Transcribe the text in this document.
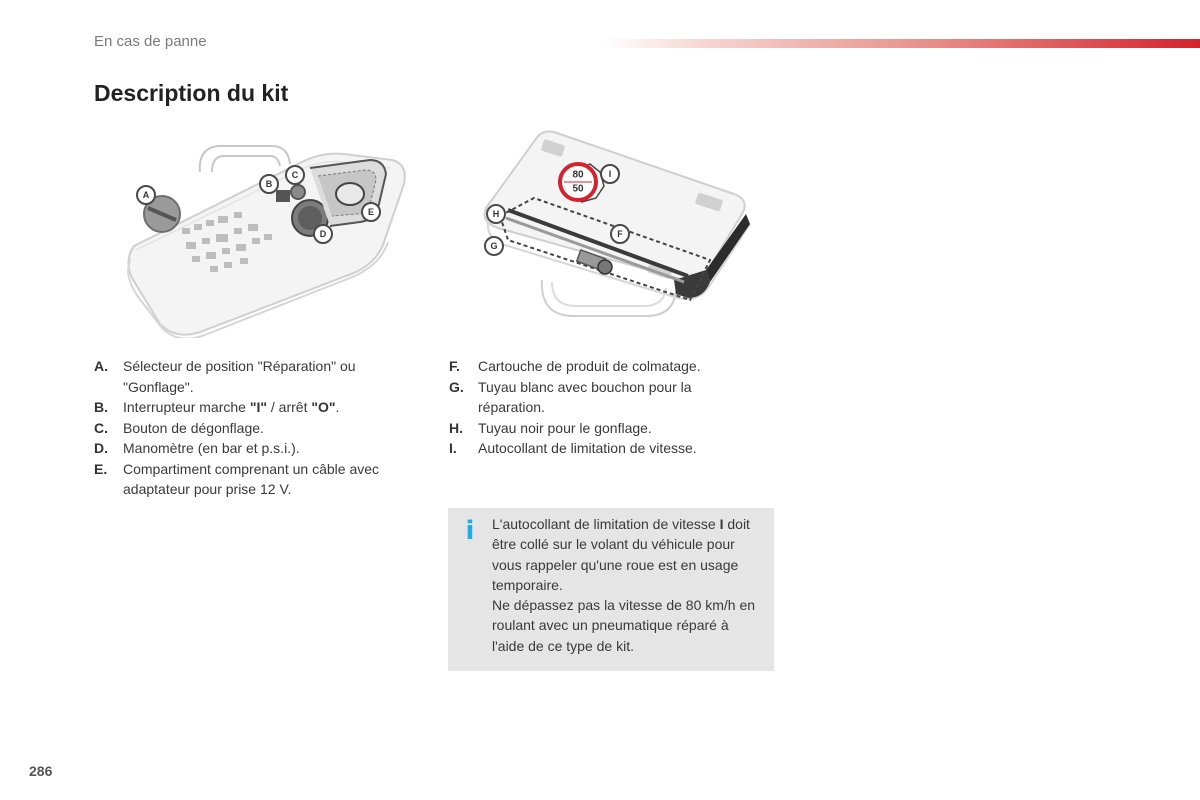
En cas de panne
Description du kit
A
B
C
D
E
80
50
I
H
F
G
A. Sélecteur de position "Réparation" ou "Gonflage".
B. Interrupteur marche "I" / arrêt "O".
C. Bouton de dégonflage.
D. Manomètre (en bar et p.s.i.).
E. Compartiment comprenant un câble avec adaptateur pour prise 12 V.
F. Cartouche de produit de colmatage.
G. Tuyau blanc avec bouchon pour la réparation.
H. Tuyau noir pour le gonflage.
I. Autocollant de limitation de vitesse.
i L'autocollant de limitation de vitesse I doit être collé sur le volant du véhicule pour vous rappeler qu'une roue est en usage temporaire.

Ne dépassez pas la vitesse de 80 km/h en roulant avec un pneumatique réparé à l'aide de ce type de kit.

286
